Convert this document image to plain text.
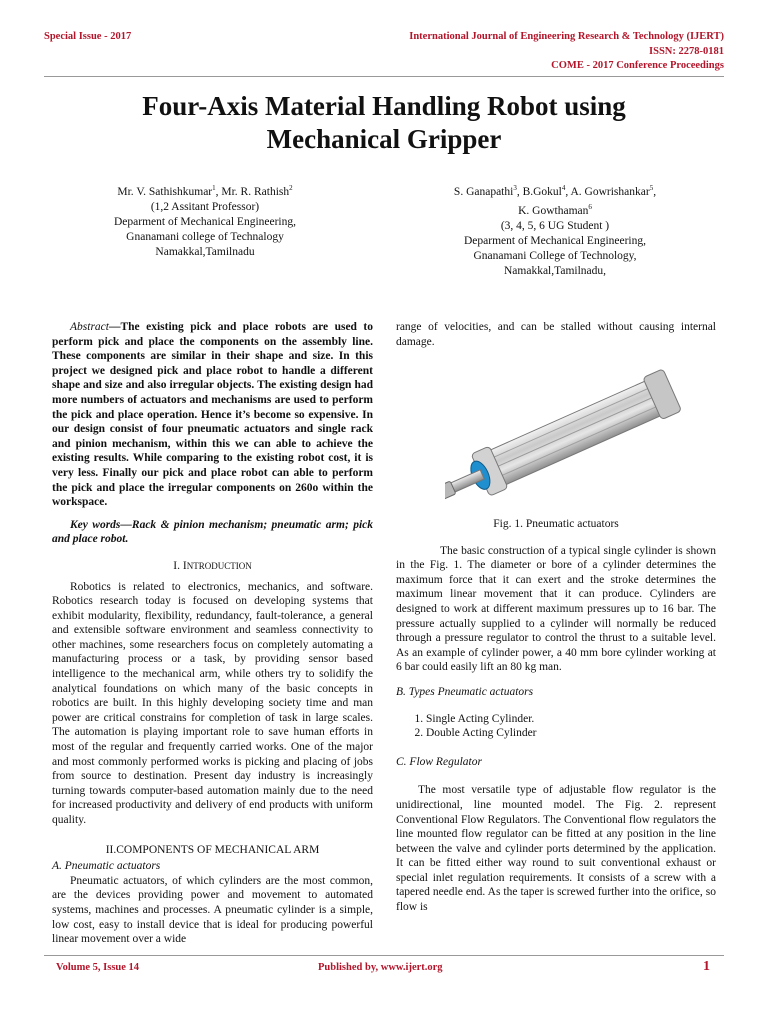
Special Issue - 2017	International Journal of Engineering Research & Technology (IJERT)
ISSN: 2278-0181
COME - 2017 Conference Proceedings
Four-Axis Material Handling Robot using
Mechanical Gripper
Mr. V. Sathishkumar$^1$, Mr. R. Rathish$^2$
(1,2 Assitant Professor)
Deparment of Mechanical Engineering,
Gnanamani college of Technalogy
Namakkal,Tamilnadu
S. Ganapathi$^3$, B.Gokul$^4$, A. Gowrishankar$^5$,
K. Gowthaman$^6$
(3, 4, 5, 6 UG Student )
Deparment of Mechanical Engineering,
Gnanamani College of Technology,
Namakkal,Tamilnadu,

Abstract—The existing pick and place robots are used to perform pick and place the components on the assembly line. These components are similar in their shape and size. In this project we designed pick and place robot to handle a different shape and size and also irregular objects. The existing design had more numbers of actuators and mechanisms are used to perform the pick and place operation. Hence it’s become so expensive. In our design consist of four pneumatic actuators and single rack and pinion mechanism, within this we can able to achieve the existing results. While comparing to the existing robot cost, it is very less. Finally our pick and place robot can able to perform the pick and place the irregular components on 260o within the workspace.

Key words—Rack & pinion mechanism; pneumatic arm; pick and place robot.

I. INTRODUCTION

Robotics is related to electronics, mechanics, and software. Robotics research today is focused on developing systems that exhibit modularity, flexibility, redundancy, fault-tolerance, a general and extensible software environment and seamless connectivity to other machines, some researchers focus on completely automating a manufacturing process or a task, by providing sensor based intelligence to the mechanical arm, while others try to solidify the analytical foundations on which many of the basic concepts in robotics are built. In this highly developing society time and man power are critical constrains for completion of task in large scales. The automation is playing important role to save human efforts in most of the regular and frequently carried works. One of the major and most commonly performed works is picking and placing of jobs from source to destination. Present day industry is increasingly turning towards computer-based automation mainly due to the need for increased productivity and delivery of end products with uniform quality.

II.COMPONENTS OF MECHANICAL ARM

A. Pneumatic actuators

Pneumatic actuators, of which cylinders are the most common, are the devices providing power and movement to automated systems, machines and processes. A pneumatic cylinder is a simple, low cost, easy to install device that is ideal for producing powerful linear movement over a wide

range of velocities, and can be stalled without causing internal damage.

Fig. 1. Pneumatic actuators

The basic construction of a typical single cylinder is shown in the Fig. 1. The diameter or bore of a cylinder determines the maximum force that it can exert and the stroke determines the maximum linear movement that it can produce. Cylinders are designed to work at different maximum pressures up to 16 bar. The pressure actually supplied to a cylinder will normally be reduced through a pressure regulator to control the thrust to a suitable level. As an example of cylinder power, a 40 mm bore cylinder working at 6 bar could easily lift an 80 kg man.

B. Types Pneumatic actuators

1. Single Acting Cylinder.
2. Double Acting Cylinder

C. Flow Regulator

The most versatile type of adjustable flow regulator is the unidirectional, line mounted model. The Fig. 2. represent Conventional Flow Regulators. The Conventional flow regulators the line mounted flow regulator can be fitted at any position in the line between the valve and cylinder ports determined by the application. It can be fitted either way round to suit conventional exhaust or special inlet regulation requirements. It consists of a screw with a tapered needle end. As the taper is screwed further into the orifice, so flow is

Volume 5, Issue 14	Published by, www.ijert.org	1
